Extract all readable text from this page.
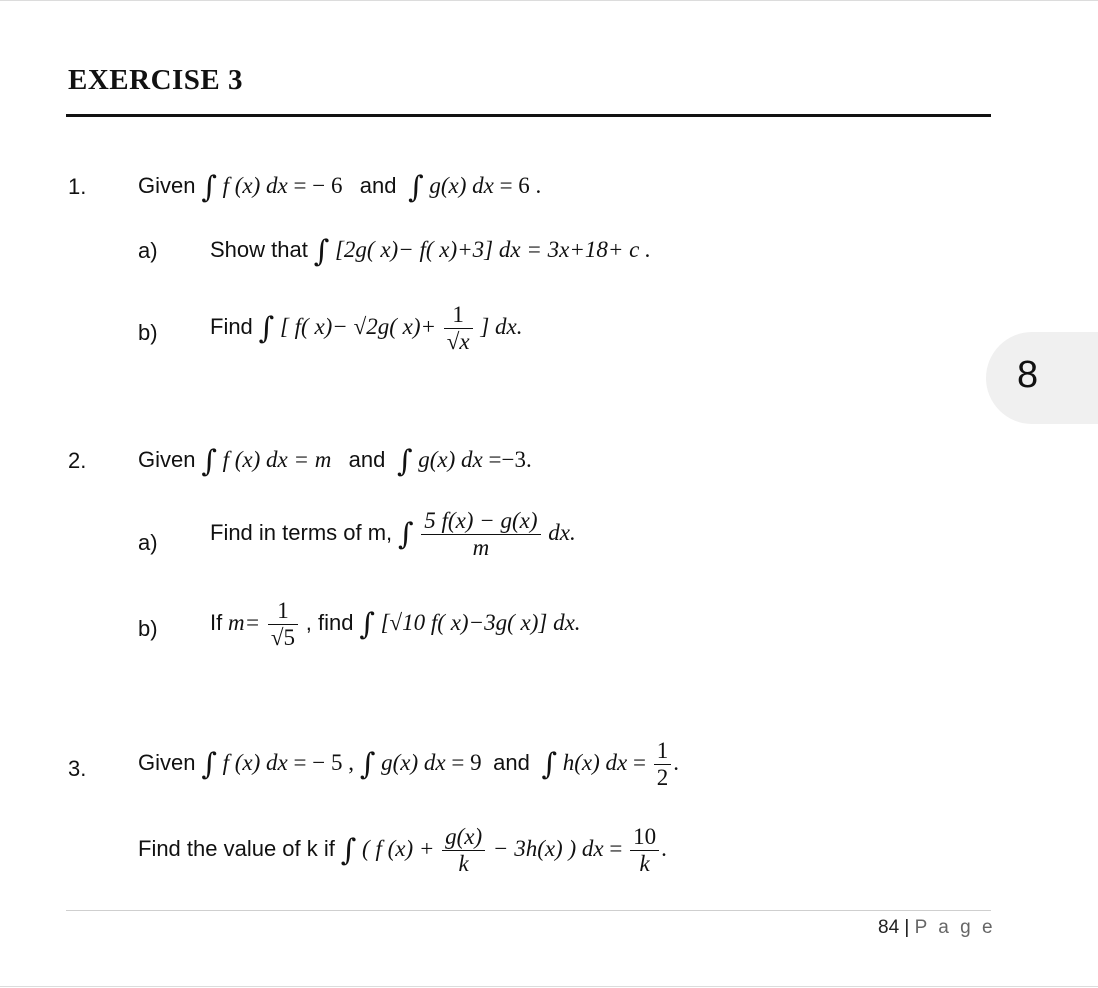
EXERCISE 3
1. Given ∫ f (x) dx = − 6 and ∫ g(x) dx = 6 .
a) Show that ∫ [2g( x)− f( x)+3] dx = 3x+18+ c .
b) Find ∫ [ f( x)− √2g( $x)+ \frac{1}{√x}$ ] dx.
8
2. Given ∫ f (x) dx = m and ∫ g(x) dx =−3.
a) Find in terms of m, ∫ $\frac{5 f(x) - g(x)}{m}$ dx.
b) If $m= \frac{1}{√5}$ , find ∫ [√10 f( x)−3g( x)] dx.
3. Given ∫ f (x) dx = − 5 , ∫ g(x) dx = 9 and ∫ h(x) dx = $\frac{1}{2}$ .
Find the value of k if ∫ ( f $(x) + \frac{g(x)}{k} - 3h(x)$ ) dx = $\frac{10}{k}$ .
84 | P a g e
